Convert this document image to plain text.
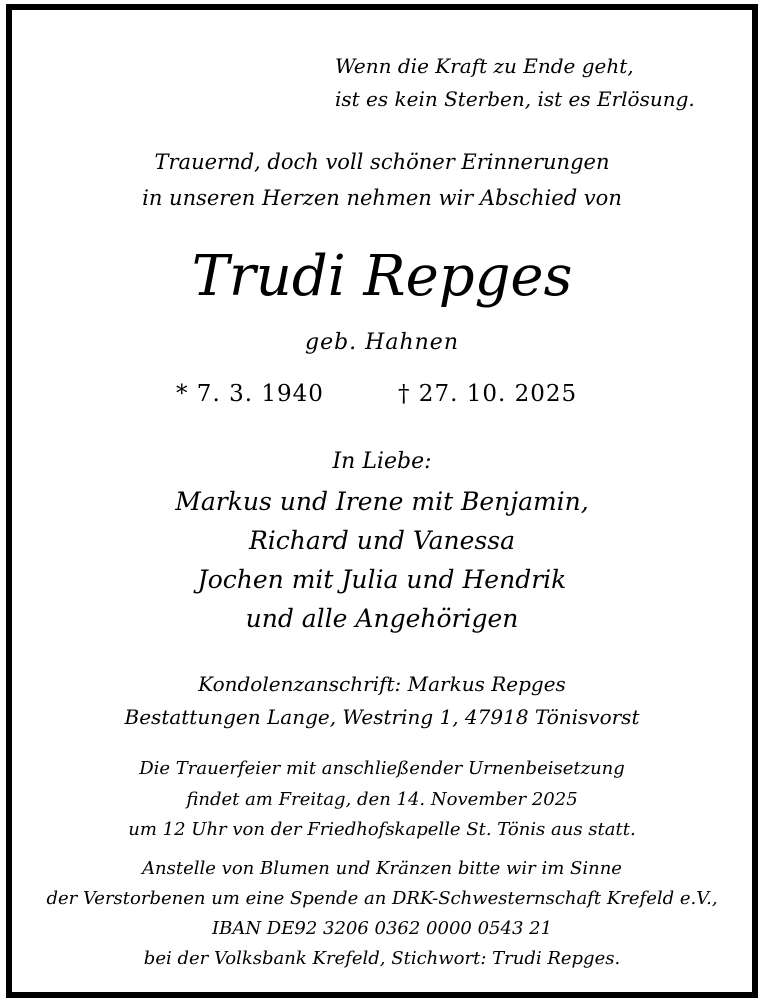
Wenn die Kraft zu Ende geht,
ist es kein Sterben, ist es Erlösung.
Trauernd, doch voll schöner Erinnerungen
in unseren Herzen nehmen wir Abschied von
Trudi Repges
geb. Hahnen
* 7. 3. 1940	† 27. 10. 2025
In Liebe:
Markus und Irene mit Benjamin,
Richard und Vanessa
Jochen mit Julia und Hendrik
und alle Angehörigen
Kondolenzanschrift: Markus Repges
Bestattungen Lange, Westring 1, 47918 Tönisvorst
Die Trauerfeier mit anschließender Urnenbeisetzung
findet am Freitag, den 14. November 2025
um 12 Uhr von der Friedhofskapelle St. Tönis aus statt.
Anstelle von Blumen und Kränzen bitte wir im Sinne
der Verstorbenen um eine Spende an DRK-Schwesternschaft Krefeld e.V.,
IBAN DE92 3206 0362 0000 0543 21
bei der Volksbank Krefeld, Stichwort: Trudi Repges.
